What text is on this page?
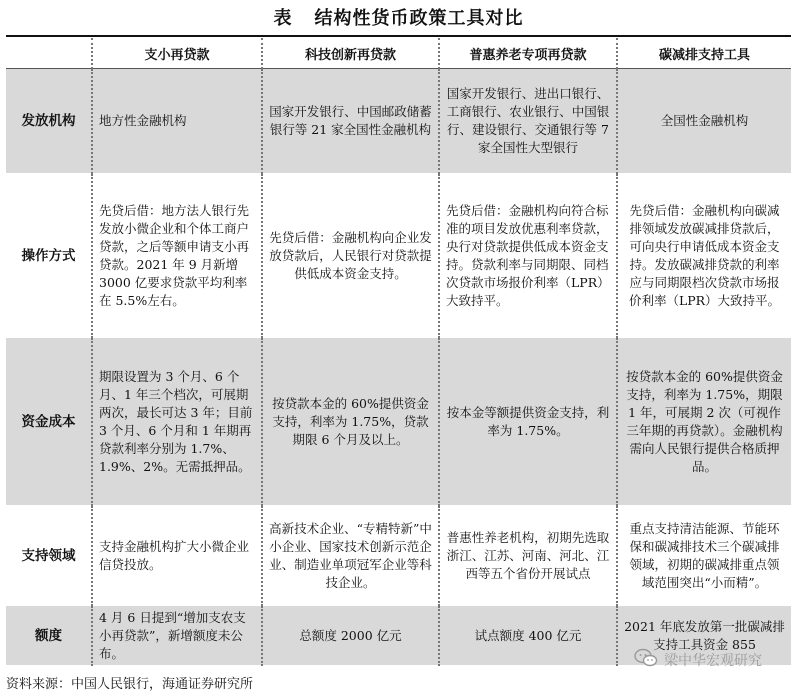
表 结构性货币政策工具对比
	支小再贷款	科技创新再贷款	普惠养老专项再贷款	碳减排支持工具
发放机构	地方性金融机构	国家开发银行、中国邮政储蓄银行等 21 家全国性金融机构	国家开发银行、进出口银行、工商银行、农业银行、中国银行、建设银行、交通银行等 7 家全国性大型银行	全国性金融机构
操作方式	先贷后借：地方法人银行先发放小微企业和个体工商户贷款，之后等额申请支小再贷款。2021 年 9 月新增 3000 亿要求贷款平均利率在 5.5%左右。	先贷后借：金融机构向企业发放贷款后，人民银行对贷款提供低成本资金支持。	先贷后借：金融机构向符合标准的项目发放优惠利率贷款，央行对贷款提供低成本资金支持。贷款利率与同期限、同档次贷款市场报价利率（LPR）大致持平。	先贷后借：金融机构向碳减排领域发放碳减排贷款后，可向央行申请低成本资金支持。发放碳减排贷款的利率应与同期限档次贷款市场报价利率（LPR）大致持平。
资金成本	期限设置为 3 个月、6 个月、1 年三个档次，可展期两次，最长可达 3 年；目前 3 个月、6 个月和 1 年期再贷款利率分别为 1.7%、1.9%、2%。无需抵押品。	按贷款本金的 60%提供资金支持，利率为 1.75%，贷款期限 6 个月及以上。	按本金等额提供资金支持，利率为 1.75%。	按贷款本金的 60%提供资金支持，利率为 1.75%，期限 1 年，可展期 2 次（可视作三年期的再贷款）。金融机构需向人民银行提供合格质押品。
支持领域	支持金融机构扩大小微企业信贷投放。	高新技术企业、“专精特新”中小企业、国家技术创新示范企业、制造业单项冠军企业等科技企业。	普惠性养老机构，初期先选取浙江、江苏、河南、河北、江西等五个省份开展试点	重点支持清洁能源、节能环保和碳减排技术三个碳减排领域，初期的碳减排重点领域范围突出“小而精”。
额度	4 月 6 日提到“增加支农支小再贷款”，新增额度未公布。	总额度 2000 亿元	试点额度 400 亿元	2021 年底发放第一批碳减排支持工具资金 855
资料来源：中国人民银行，海通证券研究所
梁中华宏观研究
